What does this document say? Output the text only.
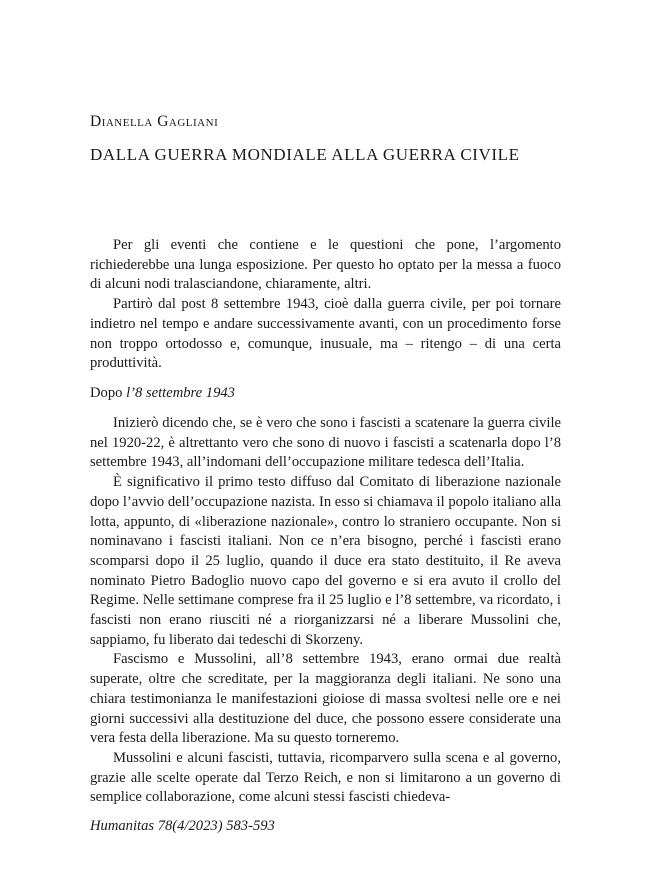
Dianella Gagliani
DALLA GUERRA MONDIALE ALLA GUERRA CIVILE

Per gli eventi che contiene e le questioni che pone, l’argomento richiederebbe una lunga esposizione. Per questo ho optato per la messa a fuoco di alcuni nodi tralasciandone, chiaramente, altri.

Partirò dal post 8 settembre 1943, cioè dalla guerra civile, per poi tornare indietro nel tempo e andare successivamente avanti, con un procedimento forse non troppo ortodosso e, comunque, inusuale, ma – ritengo – di una certa produttività.

Dopo l’8 settembre 1943

Inizierò dicendo che, se è vero che sono i fascisti a scatenare la guerra civile nel 1920-22, è altrettanto vero che sono di nuovo i fascisti a scatenarla dopo l’8 settembre 1943, all’indomani dell’occupazione militare tedesca dell’Italia.

È significativo il primo testo diffuso dal Comitato di liberazione nazionale dopo l’avvio dell’occupazione nazista. In esso si chiamava il popolo italiano alla lotta, appunto, di «liberazione nazionale», contro lo straniero occupante. Non si nominavano i fascisti italiani. Non ce n’era bisogno, perché i fascisti erano scomparsi dopo il 25 luglio, quando il duce era stato destituito, il Re aveva nominato Pietro Badoglio nuovo capo del governo e si era avuto il crollo del Regime. Nelle settimane comprese fra il 25 luglio e l’8 settembre, va ricordato, i fascisti non erano riusciti né a riorganizzarsi né a liberare Mussolini che, sappiamo, fu liberato dai tedeschi di Skorzeny.

Fascismo e Mussolini, all’8 settembre 1943, erano ormai due realtà superate, oltre che screditate, per la maggioranza degli italiani. Ne sono una chiara testimonianza le manifestazioni gioiose di massa svoltesi nelle ore e nei giorni successivi alla destituzione del duce, che possono essere considerate una vera festa della liberazione. Ma su questo torneremo.

Mussolini e alcuni fascisti, tuttavia, ricomparvero sulla scena e al governo, grazie alle scelte operate dal Terzo Reich, e non si limitarono a un governo di semplice collaborazione, come alcuni stessi fascisti chiedeva-

Humanitas 78(4/2023) 583-593
